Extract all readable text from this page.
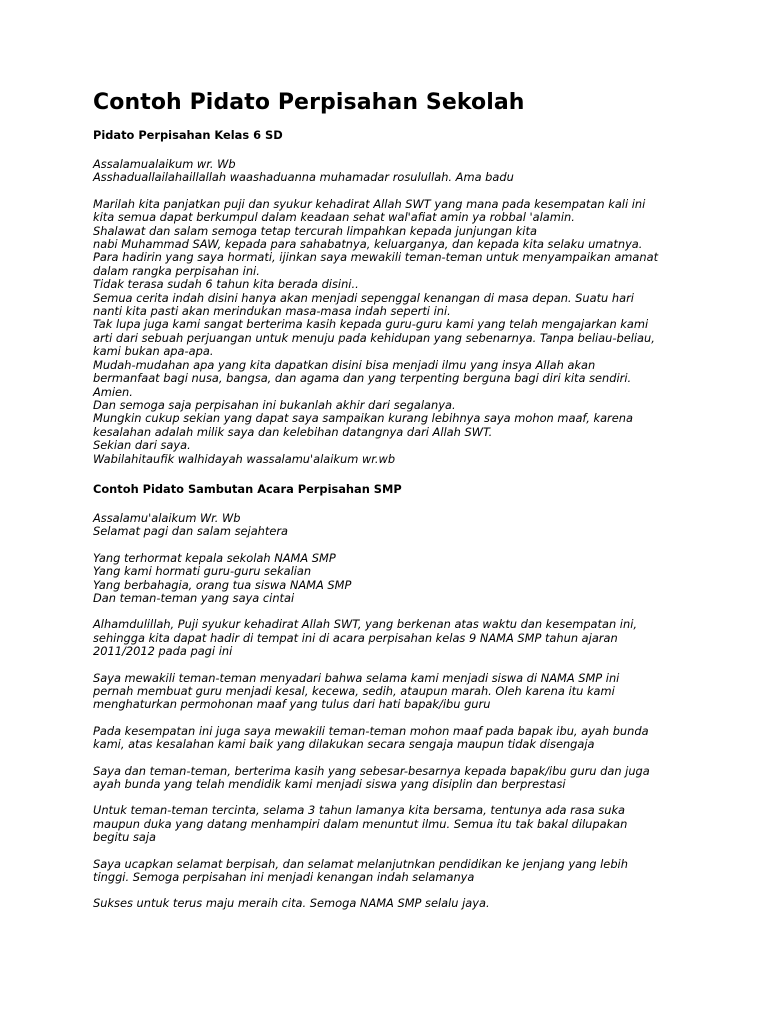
Contoh Pidato Perpisahan Sekolah
Pidato Perpisahan Kelas 6 SD
Assalamualaikum wr. Wb
Asshaduallailahaillallah waashaduanna muhamadar rosulullah. Ama badu
Marilah kita panjatkan puji dan syukur kehadirat Allah SWT yang mana pada kesempatan kali ini
kita semua dapat berkumpul dalam keadaan sehat wal'afiat amin ya robbal 'alamin.
Shalawat dan salam semoga tetap tercurah limpahkan kepada junjungan kita
nabi Muhammad SAW, kepada para sahabatnya, keluarganya, dan kepada kita selaku umatnya.
Para hadirin yang saya hormati, ijinkan saya mewakili teman-teman untuk menyampaikan amanat
dalam rangka perpisahan ini.
Tidak terasa sudah 6 tahun kita berada disini..
Semua cerita indah disini hanya akan menjadi sepenggal kenangan di masa depan. Suatu hari
nanti kita pasti akan merindukan masa-masa indah seperti ini.
Tak lupa juga kami sangat berterima kasih kepada guru-guru kami yang telah mengajarkan kami
arti dari sebuah perjuangan untuk menuju pada kehidupan yang sebenarnya. Tanpa beliau-beliau,
kami bukan apa-apa.
Mudah-mudahan apa yang kita dapatkan disini bisa menjadi ilmu yang insya Allah akan
bermanfaat bagi nusa, bangsa, dan agama dan yang terpenting berguna bagi diri kita sendiri.
Amien.
Dan semoga saja perpisahan ini bukanlah akhir dari segalanya.
Mungkin cukup sekian yang dapat saya sampaikan kurang lebihnya saya mohon maaf, karena
kesalahan adalah milik saya dan kelebihan datangnya dari Allah SWT.
Sekian dari saya.
Wabilahitaufik walhidayah wassalamu'alaikum wr.wb
Contoh Pidato Sambutan Acara Perpisahan SMP
Assalamu'alaikum Wr. Wb
Selamat pagi dan salam sejahtera
Yang terhormat kepala sekolah NAMA SMP
Yang kami hormati guru-guru sekalian
Yang berbahagia, orang tua siswa NAMA SMP
Dan teman-teman yang saya cintai
Alhamdulillah, Puji syukur kehadirat Allah SWT, yang berkenan atas waktu dan kesempatan ini,
sehingga kita dapat hadir di tempat ini di acara perpisahan kelas 9 NAMA SMP tahun ajaran
2011/2012 pada pagi ini
Saya mewakili teman-teman menyadari bahwa selama kami menjadi siswa di NAMA SMP ini
pernah membuat guru menjadi kesal, kecewa, sedih, ataupun marah. Oleh karena itu kami
menghaturkan permohonan maaf yang tulus dari hati bapak/ibu guru
Pada kesempatan ini juga saya mewakili teman-teman mohon maaf pada bapak ibu, ayah bunda
kami, atas kesalahan kami baik yang dilakukan secara sengaja maupun tidak disengaja
Saya dan teman-teman, berterima kasih yang sebesar-besarnya kepada bapak/ibu guru dan juga
ayah bunda yang telah mendidik kami menjadi siswa yang disiplin dan berprestasi
Untuk teman-teman tercinta, selama 3 tahun lamanya kita bersama, tentunya ada rasa suka
maupun duka yang datang menhampiri dalam menuntut ilmu. Semua itu tak bakal dilupakan
begitu saja
Saya ucapkan selamat berpisah, dan selamat melanjutnkan pendidikan ke jenjang yang lebih
tinggi. Semoga perpisahan ini menjadi kenangan indah selamanya
Sukses untuk terus maju meraih cita. Semoga NAMA SMP selalu jaya.
